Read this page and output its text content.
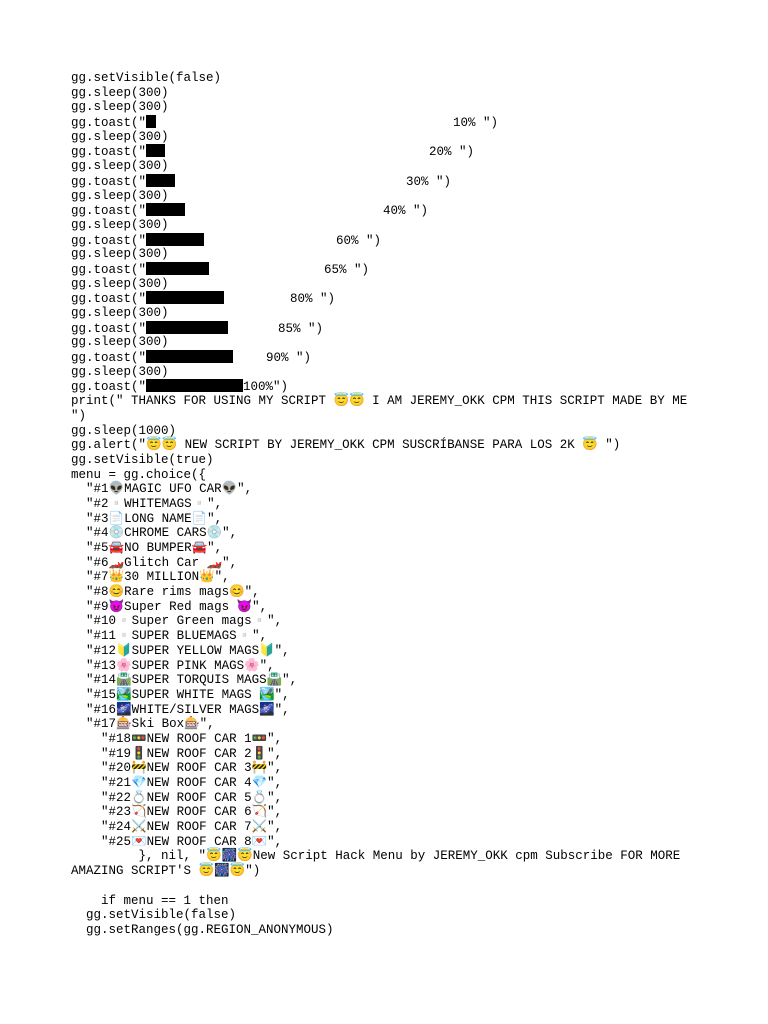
gg.setVisible(false)
gg.sleep(300)
gg.sleep(300)
gg.toast("	10% ")
gg.sleep(300)
gg.toast("	20% ")
gg.sleep(300)
gg.toast("	30% ")
gg.sleep(300)
gg.toast("	40% ")
gg.sleep(300)
gg.toast("	60% ")
gg.sleep(300)
gg.toast("	65% ")
gg.sleep(300)
gg.toast("	80% ")
gg.sleep(300)
gg.toast("	85% ")
gg.sleep(300)
gg.toast("	90% ")
gg.sleep(300)
gg.toast("	100%")
print(" THANKS FOR USING MY SCRIPT 😇😇 I AM JEREMY_OKK CPM THIS SCRIPT MADE BY ME
")
gg.sleep(1000)
gg.alert("😇😇 NEW SCRIPT BY JEREMY_OKK CPM SUSCRÍBANSE PARA LOS 2K 😇 ")
gg.setVisible(true)
menu = gg.choice({
"#1👽MAGIC UFO CAR👽",
"#2▫️WHITEMAGS▫️",
"#3📄LONG NAME📄",
"#4💿CHROME CARS💿",
"#5🚘NO BUMPER🚘",
"#6🏎️Glitch Car 🏎️",
"#7👑30 MILLION👑",
"#8😊Rare rims mags😊",
"#9😈Super Red mags 😈",
"#10▫️Super Green mags▫️",
"#11▫️SUPER BLUEMAGS▫️",
"#12🔰SUPER YELLOW MAGS🔰",
"#13🌸SUPER PINK MAGS🌸",
"#14🛣️SUPER TORQUIS MAGS🛣️",
"#15🏞️SUPER WHITE MAGS 🏞️",
"#16🌌WHITE/SILVER MAGS🌌",
"#17🎰Ski Box🎰",
"#18🚥NEW ROOF CAR 1🚥",
"#19🚦NEW ROOF CAR 2🚦",
"#20🚧NEW ROOF CAR 3🚧",
"#21💎NEW ROOF CAR 4💎",
"#22💍NEW ROOF CAR 5💍",
"#23🏹NEW ROOF CAR 6🏹",
"#24⚔️NEW ROOF CAR 7⚔️",
"#25💌NEW ROOF CAR 8💌",
}, nil, "😇🎆😇New Script Hack Menu by JEREMY_OKK cpm Subscribe FOR MORE
AMAZING SCRIPT'S 😇🎆😇")
if menu == 1 then
gg.setVisible(false)
gg.setRanges(gg.REGION_ANONYMOUS)
